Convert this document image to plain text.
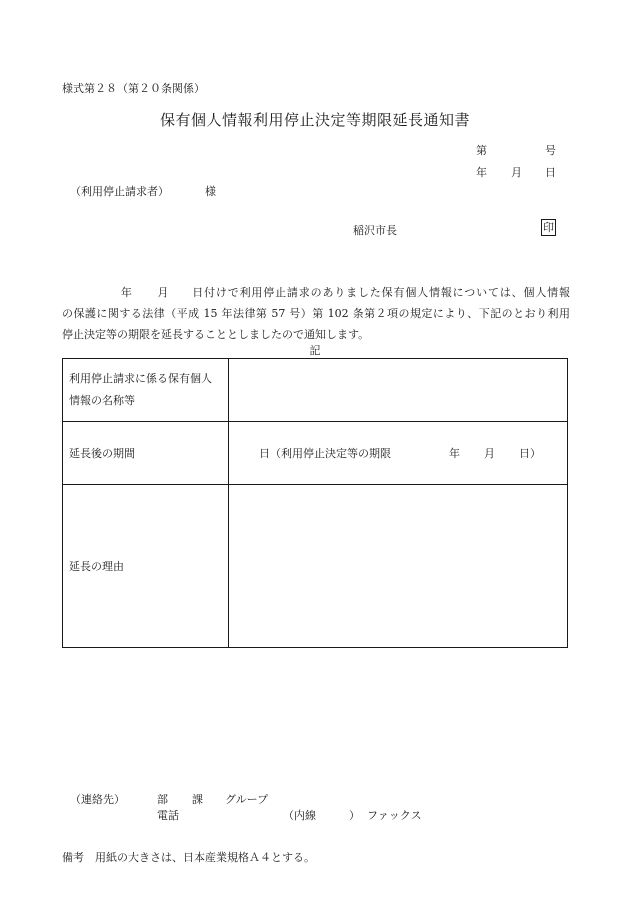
様式第２８（第２０条関係）
保有個人情報利用停止決定等期限延長通知書
第	号
年 月 日
（利用停止請求者）	様
稲沢市長	印
年 月 日付けで利用停止請求のありました保有個人情報については、個人情報
の保護に関する法律（平成 15 年法律第 57 号）第 102 条第２項の規定により、下記のとおり利用
停止決定等の期限を延長することとしましたので通知します。
記
利用停止請求に係る保有個人
情報の名称等	

延長後の期間	日（利用停止決定等の期限 年 月 日）

延長の理由	
（連絡先）	部 課 グループ
電話	（内線　　　） ファックス
備考　用紙の大きさは、日本産業規格Ａ４とする。
